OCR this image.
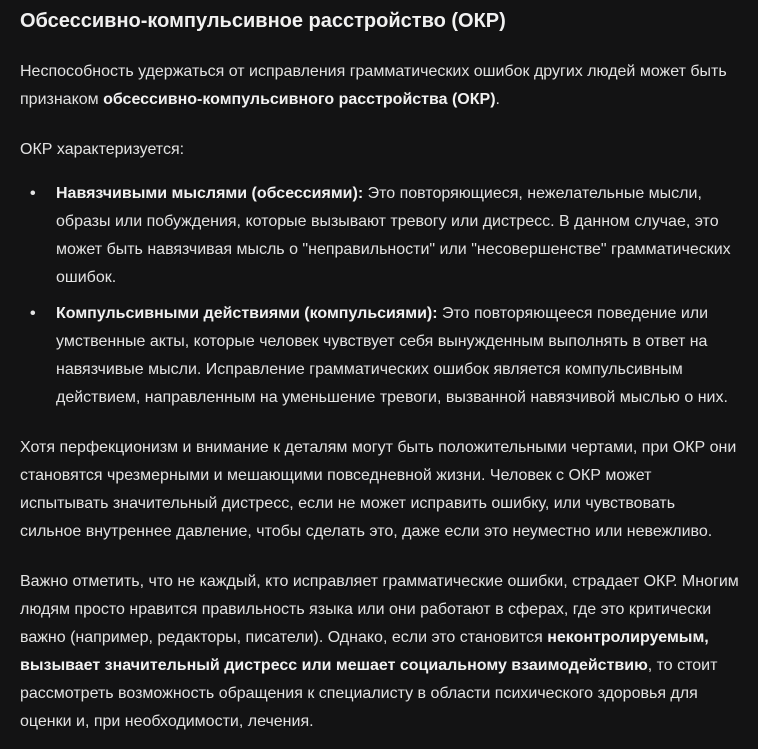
Обсессивно-компульсивное расстройство (ОКР)

Неспособность удержаться от исправления грамматических ошибок других людей может быть признаком обсессивно-компульсивного расстройства (ОКР).

ОКР характеризуется:

• Навязчивыми мыслями (обсессиями): Это повторяющиеся, нежелательные мысли, образы или побуждения, которые вызывают тревогу или дистресс. В данном случае, это может быть навязчивая мысль о "неправильности" или "несовершенстве" грамматических ошибок.
• Компульсивными действиями (компульсиями): Это повторяющееся поведение или умственные акты, которые человек чувствует себя вынужденным выполнять в ответ на навязчивые мысли. Исправление грамматических ошибок является компульсивным действием, направленным на уменьшение тревоги, вызванной навязчивой мыслью о них.

Хотя перфекционизм и внимание к деталям могут быть положительными чертами, при ОКР они становятся чрезмерными и мешающими повседневной жизни. Человек с ОКР может испытывать значительный дистресс, если не может исправить ошибку, или чувствовать сильное внутреннее давление, чтобы сделать это, даже если это неуместно или невежливо.

Важно отметить, что не каждый, кто исправляет грамматические ошибки, страдает ОКР. Многим людям просто нравится правильность языка или они работают в сферах, где это критически важно (например, редакторы, писатели). Однако, если это становится неконтролируемым, вызывает значительный дистресс или мешает социальному взаимодействию, то стоит рассмотреть возможность обращения к специалисту в области психического здоровья для оценки и, при необходимости, лечения.
